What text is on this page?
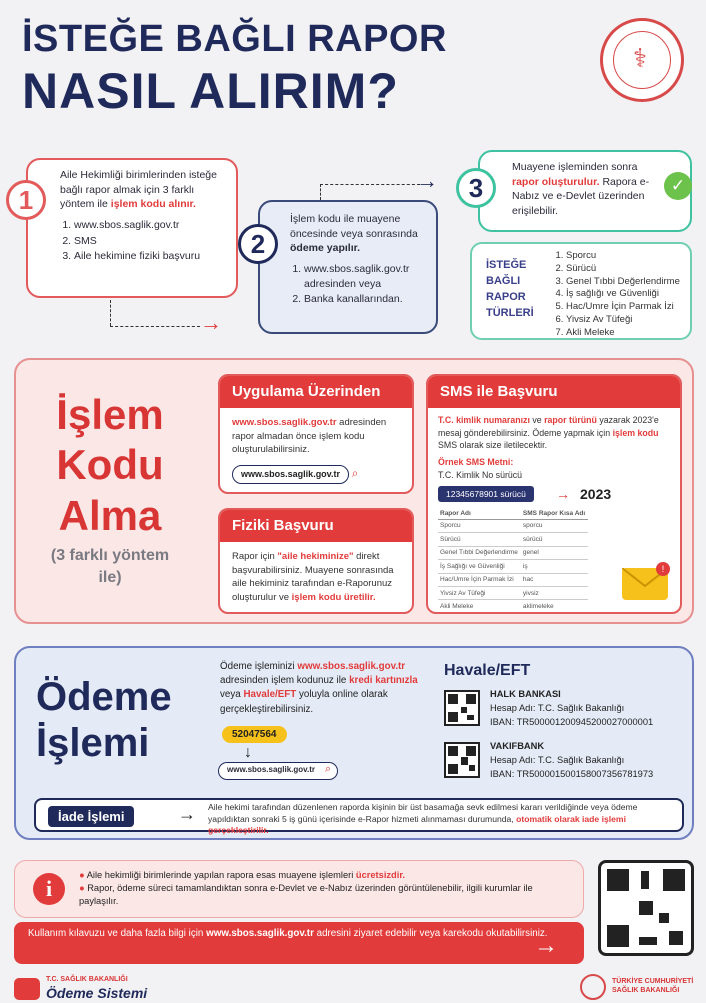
İSTEĞE BAĞLI RAPOR
NASIL ALIRIM?
⚕
Aile Hekimliği birimlerinden isteğe bağlı rapor almak için 3 farklı yöntem ile işlem kodu alınır.
1. www.sbos.saglik.gov.tr
2. SMS
3. Aile hekimine fiziki başvuru
1
İşlem kodu ile muayene öncesinde veya sonrasında ödeme yapılır.
1. www.sbos.saglik.gov.tr adresinden veya
2. Banka kanallarından.
2
Muayene işleminden sonra rapor oluşturulur. Rapora e-Nabız ve e-Devlet üzerinden erişilebilir.
3	✓
→
→
İSTEĞE BAĞLI RAPOR TÜRLERİ
1. Sporcu
2. Sürücü
3. Genel Tıbbi Değerlendirme
4. İş sağlığı ve Güvenliği
5. Hac/Umre İçin Parmak İzi
6. Yivsiz Av Tüfeği
7. Akli Meleke
İşlem Kodu Alma
(3 farklı yöntem ile)
Uygulama Üzerinden
www.sbos.saglik.gov.tr adresinden rapor almadan önce işlem kodu oluşturulabilirsiniz.
www.sbos.saglik.gov.tr ⌕
Fiziki Başvuru
Rapor için "aile hekiminize" direkt başvurabilirsiniz. Muayene sonrasında aile hekiminiz tarafından e-Raporunuz oluşturulur ve işlem kodu üretilir.
SMS ile Başvuru
T.C. kimlik numaranızı ve rapor türünü yazarak 2023'e mesaj gönderebilirsiniz. Ödeme yapmak için işlem kodu SMS olarak size iletilecektir.
Örnek SMS Metni:
T.C. Kimlik No sürücü
12345678901 sürücü → 2023
Rapor Adı	SMS Rapor Kısa Adı
Sporcu	sporcu
Sürücü	sürücü
Genel Tıbbi Değerlendirme	genel
İş Sağlığı ve Güvenliği	iş
Hac/Umre İçin Parmak İzi	hac
Yivsiz Av Tüfeği	yivsiz
Akli Meleke	aklimeleke
!
Ödeme
İşlemi
Ödeme işleminizi www.sbos.saglik.gov.tr adresinden işlem kodunuz ile kredi kartınızla veya Havale/EFT yoluyla online olarak gerçekleştirebilirsiniz.
52047564
↓
www.sbos.saglik.gov.tr ⌕
Havale/EFT
HALK BANKASI
Hesap Adı: T.C. Sağlık Bakanlığı
IBAN: TR500001200945200027000001
VAKIFBANK
Hesap Adı: T.C. Sağlık Bakanlığı
IBAN: TR500001500158007356781973
İade İşlemi	→ Aile hekimi tarafından düzenlenen raporda kişinin bir üst basamağa sevk edilmesi kararı verildiğinde veya ödeme yapıldıktan sonraki 5 iş günü içerisinde e-Rapor hizmeti alınmaması durumunda, otomatik olarak iade işlemi gerçekleştirilir.
i
● Aile hekimliği birimlerinde yapılan rapora esas muayene işlemleri ücretsizdir.
● Rapor, ödeme süreci tamamlandıktan sonra e-Devlet ve e-Nabız üzerinden görüntülenebilir, ilgili kurumlar ile paylaşılır.
Kullanım kılavuzu ve daha fazla bilgi için www.sbos.saglik.gov.tr adresini ziyaret edebilir veya karekodu okutabilirsiniz.
→
T.C. SAĞLIK BAKANLIĞI
Ödeme Sistemi
TÜRKİYE CUMHURİYETİ SAĞLIK BAKANLIĞI
